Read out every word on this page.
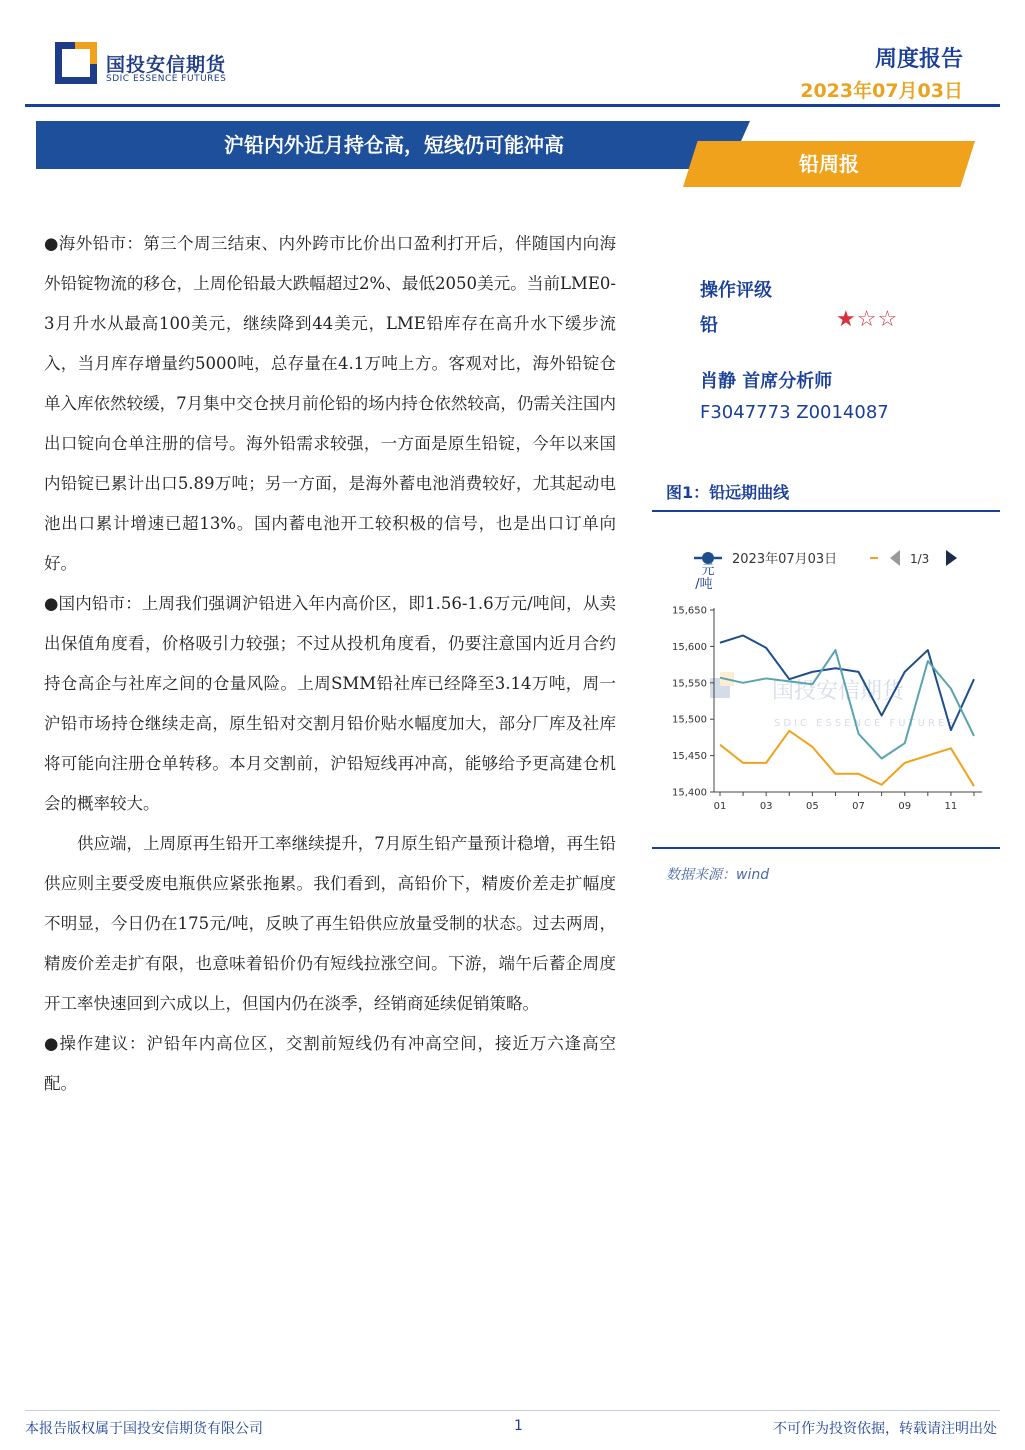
国投安信期货
SDIC ESSENCE FUTURES
周度报告
2023年07月03日
沪铅内外近月持仓高，短线仍可能冲高
铅周报

●海外铅市：第三个周三结束、内外跨市比价出口盈利打开后，伴随国内向海外铅锭物流的移仓，上周伦铅最大跌幅超过2%、最低2050美元。当前LME0-3月升水从最高100美元，继续降到44美元，LME铅库存在高升水下缓步流入，当月库存增量约5000吨，总存量在4.1万吨上方。客观对比，海外铅锭仓单入库依然较缓，7月集中交仓挟月前伦铅的场内持仓依然较高，仍需关注国内出口锭向仓单注册的信号。海外铅需求较强，一方面是原生铅锭，今年以来国内铅锭已累计出口5.89万吨；另一方面，是海外蓄电池消费较好，尤其起动电池出口累计增速已超13%。国内蓄电池开工较积极的信号，也是出口订单向好。

●国内铅市：上周我们强调沪铅进入年内高价区，即1.56-1.6万元/吨间，从卖出保值角度看，价格吸引力较强；不过从投机角度看，仍要注意国内近月合约持仓高企与社库之间的仓量风险。上周SMM铅社库已经降至3.14万吨，周一沪铅市场持仓继续走高，原生铅对交割月铅价贴水幅度加大，部分厂库及社库将可能向注册仓单转移。本月交割前，沪铅短线再冲高，能够给予更高建仓机会的概率较大。

供应端，上周原再生铅开工率继续提升，7月原生铅产量预计稳增，再生铅供应则主要受废电瓶供应紧张拖累。我们看到，高铅价下，精废价差走扩幅度不明显，今日仍在175元/吨，反映了再生铅供应放量受制的状态。过去两周，精废价差走扩有限，也意味着铅价仍有短线拉涨空间。下游，端午后蓄企周度开工率快速回到六成以上，但国内仍在淡季，经销商延续促销策略。

●操作建议：沪铅年内高位区，交割前短线仍有冲高空间，接近万六逢高空配。

操作评级
铅	★☆☆
肖静 首席分析师
F3047773 Z0014087
图1：铅远期曲线
2023年07月03日	1/3
元/吨
国投安信期货
SDIC ESSENCE FUTURES
15,650
15,600
15,550
15,500
15,450
15,400
01	03	05	07	09	11
数据来源：wind
本报告版权属于国投安信期货有限公司	1	不可作为投资依据，转载请注明出处
